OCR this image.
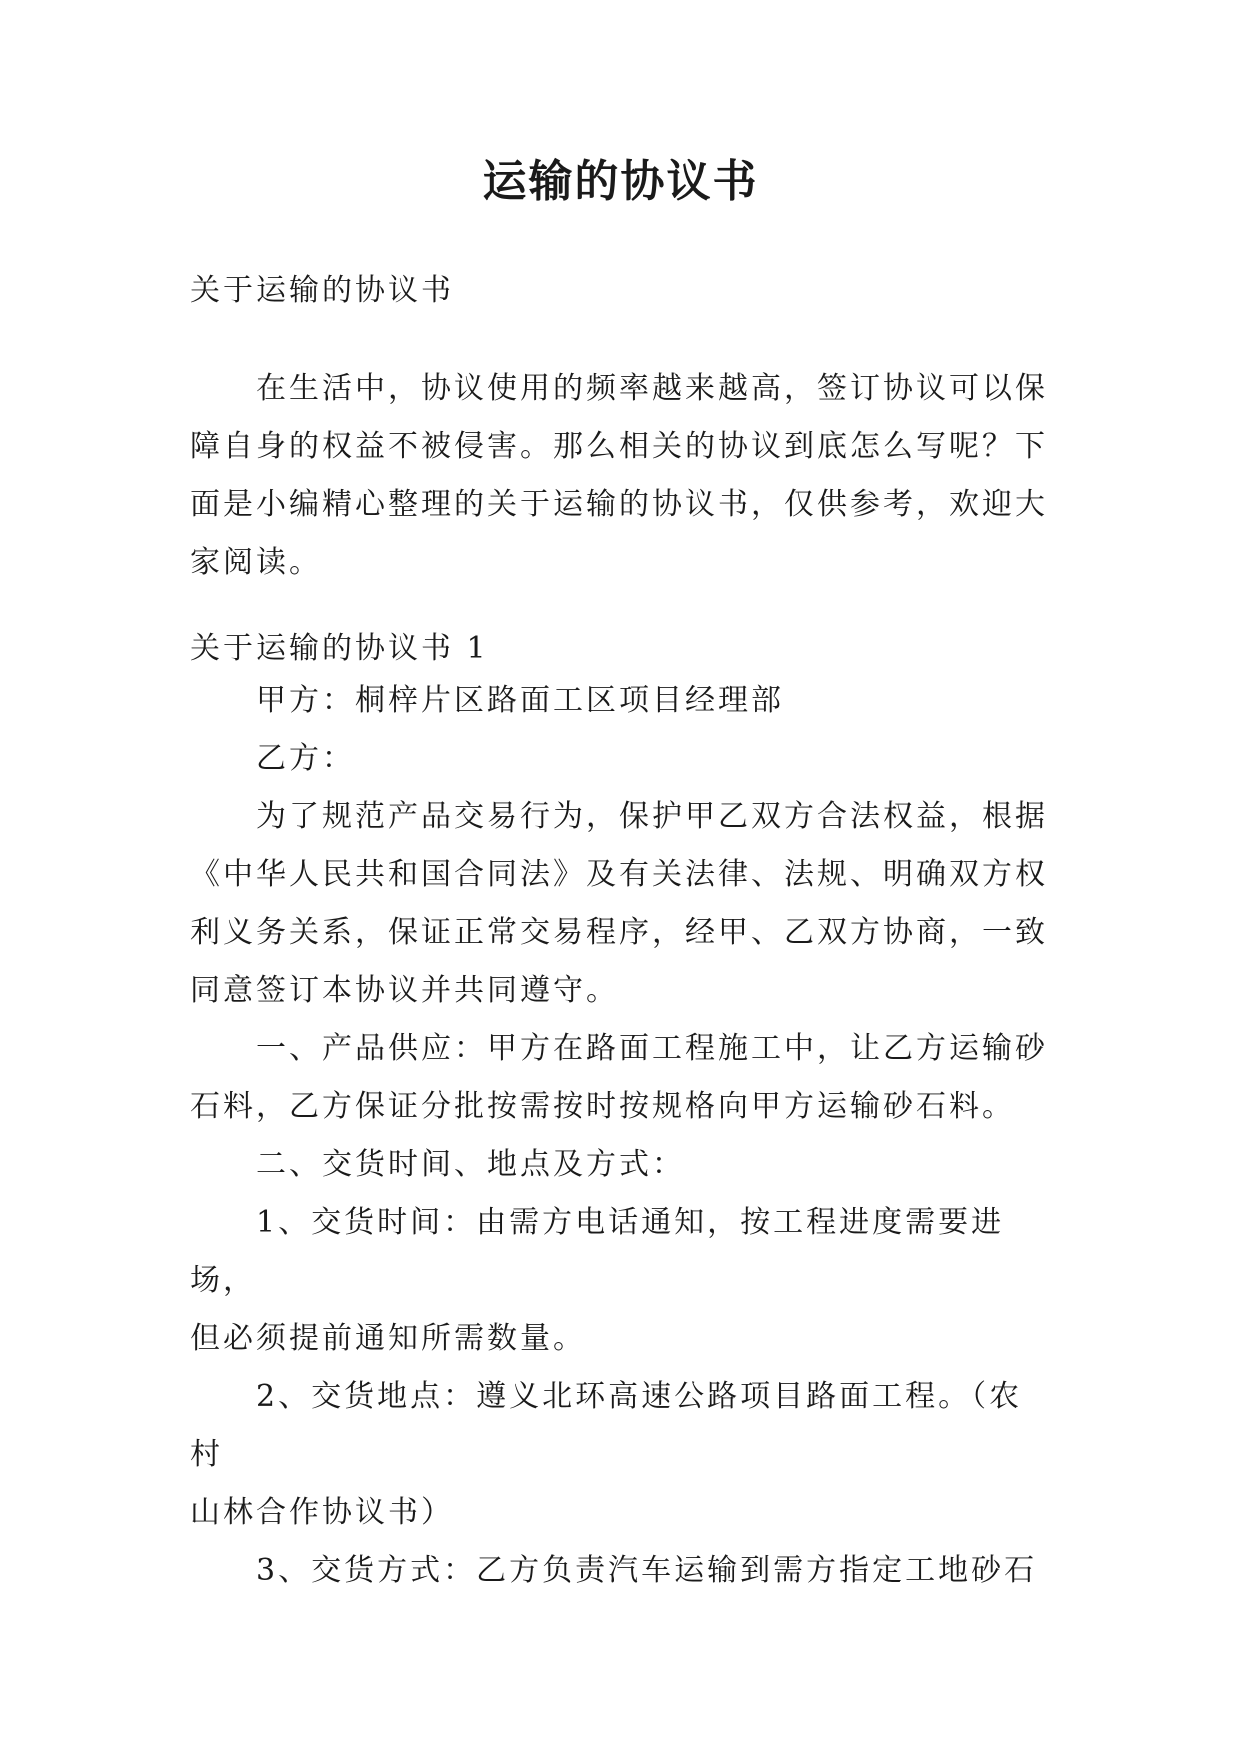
运输的协议书

关于运输的协议书

在生活中，协议使用的频率越来越高，签订协议可以保

障自身的权益不被侵害。那么相关的协议到底怎么写呢？下

面是小编精心整理的关于运输的协议书，仅供参考，欢迎大

家阅读。

关于运输的协议书 1

甲方：桐梓片区路面工区项目经理部

乙方：

为了规范产品交易行为，保护甲乙双方合法权益，根据

《中华人民共和国合同法》及有关法律、法规、明确双方权

利义务关系，保证正常交易程序，经甲、乙双方协商，一致

同意签订本协议并共同遵守。

一、产品供应：甲方在路面工程施工中，让乙方运输砂

石料，乙方保证分批按需按时按规格向甲方运输砂石料。

二、交货时间、地点及方式：

1、交货时间：由需方电话通知，按工程进度需要进场，

但必须提前通知所需数量。

2、交货地点：遵义北环高速公路项目路面工程。（农村

山林合作协议书）

3、交货方式：乙方负责汽车运输到需方指定工地砂石
